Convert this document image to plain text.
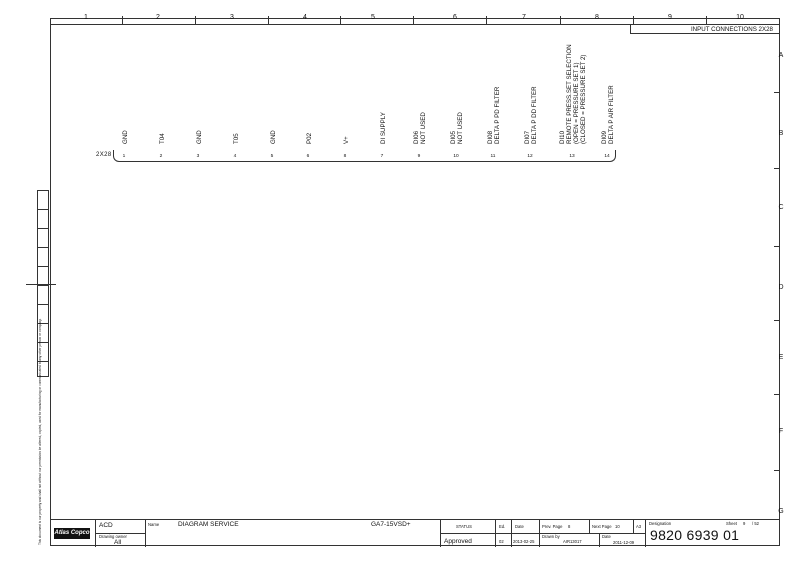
1	2	3	4	5	6	7	8	9	10
A
B
C
D
E
F
G
INPUT CONNECTIONS 2X28
GND
1
T04
2
GND
3
T05
4
GND
5
P02
6
V+
8
DI SUPPLY
7
DI06 NOT USED
9
DI05 NOT USED
10
DI08 DELTA P PD FILTER
11
DI07 DELTA P DD FILTER
12
DI10 REMOTE PRESS.SET SELECTION (OPEN = PRESSURE SET 1) (CLOSED = PRESSURE SET 2)
13
DI09 DELTA P AIR FILTER
14
2X28
This document is our property and shall not without our permission be altered, copied, used for manufacturing or communicated to any other person or company. Atlas Copco
ACD
Drawing owner
All
Name	DIAGRAM SERVICE	GA7-15VSD+	STATUS
Approved
Ed.
02
Date
2013-02-25
Prev. Page 8	Next Page 10	A3
Drawn by
AIR13017
Date
2011-12-09
Designation	Sheet 9 / 52
9820 6939 01
